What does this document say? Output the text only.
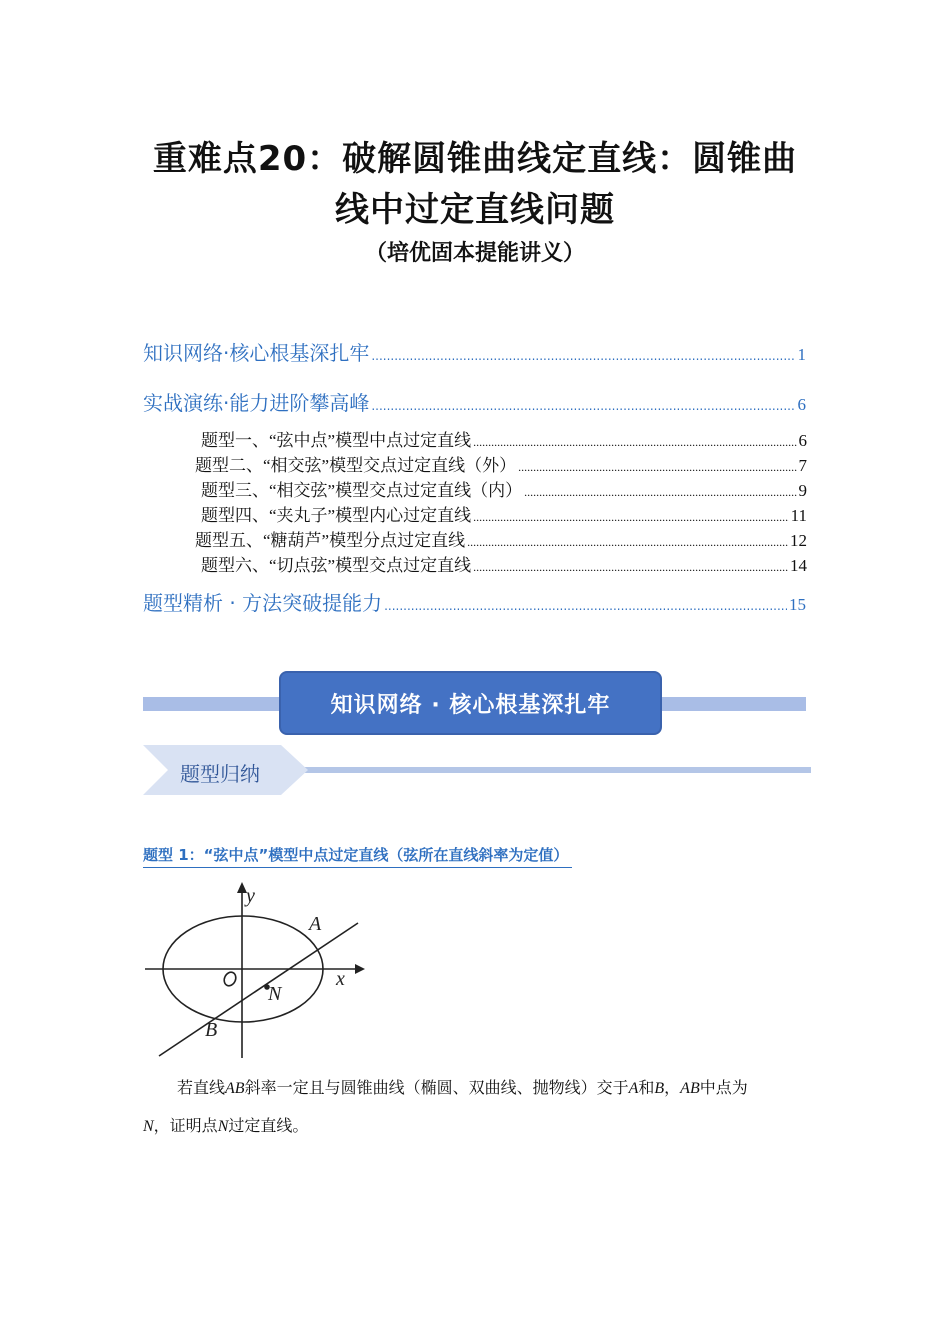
重难点20：破解圆锥曲线定直线：圆锥曲
线中过定直线问题
（培优固本提能讲义）
知识网络·核心根基深扎牢 .....	1
实战演练·能力进阶攀高峰 .....	6
题型一、“弦中点”模型中点过定直线 .....	6
题型二、“相交弦”模型交点过定直线（外） .....	7
题型三、“相交弦”模型交点过定直线（内） .....	9
题型四、“夹丸子”模型内心过定直线 .....	11
题型五、“糖葫芦”模型分点过定直线 .....	12
题型六、“切点弦”模型交点过定直线 .....	14
题型精析 · 方法突破提能力 .....	15
知识网络 · 核心根基深扎牢
题型归纳
题型 1：“弦中点”模型中点过定直线（弦所在直线斜率为定值）
y
x
A
B
N
若直线AB斜率一定且与圆锥曲线（椭圆、双曲线、抛物线）交于A和B，AB中点为
N，证明点N过定直线。
